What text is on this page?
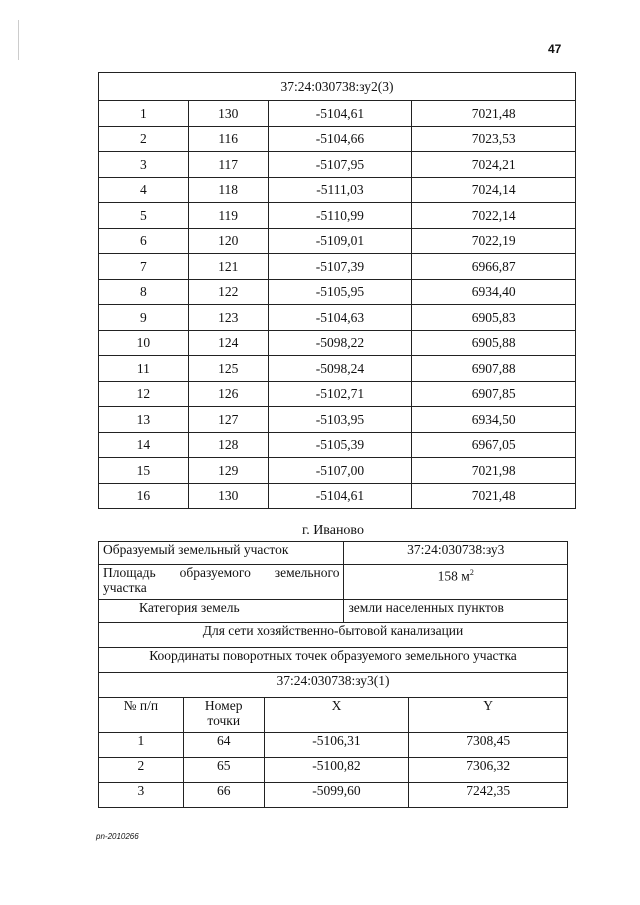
47
37:24:030738:зу2(3)			
1	130	-5104,61	7021,48
2	116	-5104,66	7023,53
3	117	-5107,95	7024,21
4	118	-5111,03	7024,14
5	119	-5110,99	7022,14
6	120	-5109,01	7022,19
7	121	-5107,39	6966,87
8	122	-5105,95	6934,40
9	123	-5104,63	6905,83
10	124	-5098,22	6905,88
11	125	-5098,24	6907,88
12	126	-5102,71	6907,85
13	127	-5103,95	6934,50
14	128	-5105,39	6967,05
15	129	-5107,00	7021,98
16	130	-5104,61	7021,48
г. Иваново
Образуемый земельный участок			37:24:030738:зу3	

Площадь образуемого земельного
участка			158 $м^2$
Категория земель			земли населенных пунктов	
Для сети хозяйственно-бытовой канализации				
Координаты поворотных точек образуемого земельного участка				
37:24:030738:зу3(1)				
№ п/п	Номер точки	X		Y
1	64	-5106,31		7308,45
2	65	-5100,82		7306,32
3	66	-5099,60		7242,35
pn-2010266
